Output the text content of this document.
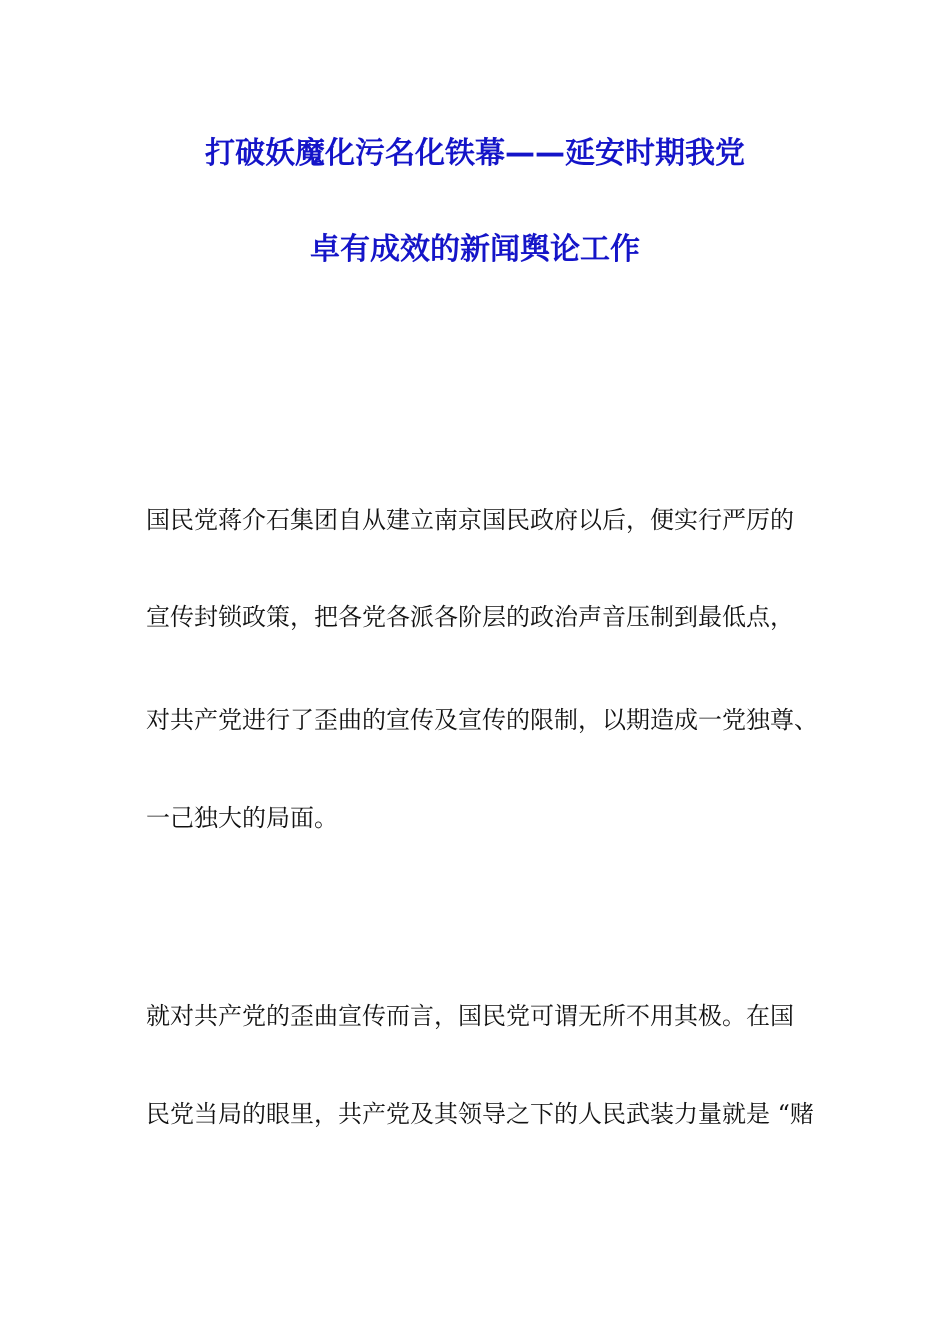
打破妖魔化污名化铁幕——延安时期我党
卓有成效的新闻舆论工作

国民党蒋介石集团自从建立南京国民政府以后，便实行严厉的

宣传封锁政策，把各党各派各阶层的政治声音压制到最低点，

对共产党进行了歪曲的宣传及宣传的限制，以期造成一党独尊、

一己独大的局面。

就对共产党的歪曲宣传而言，国民党可谓无所不用其极。在国

民党当局的眼里，共产党及其领导之下的人民武装力量就是 “赌
